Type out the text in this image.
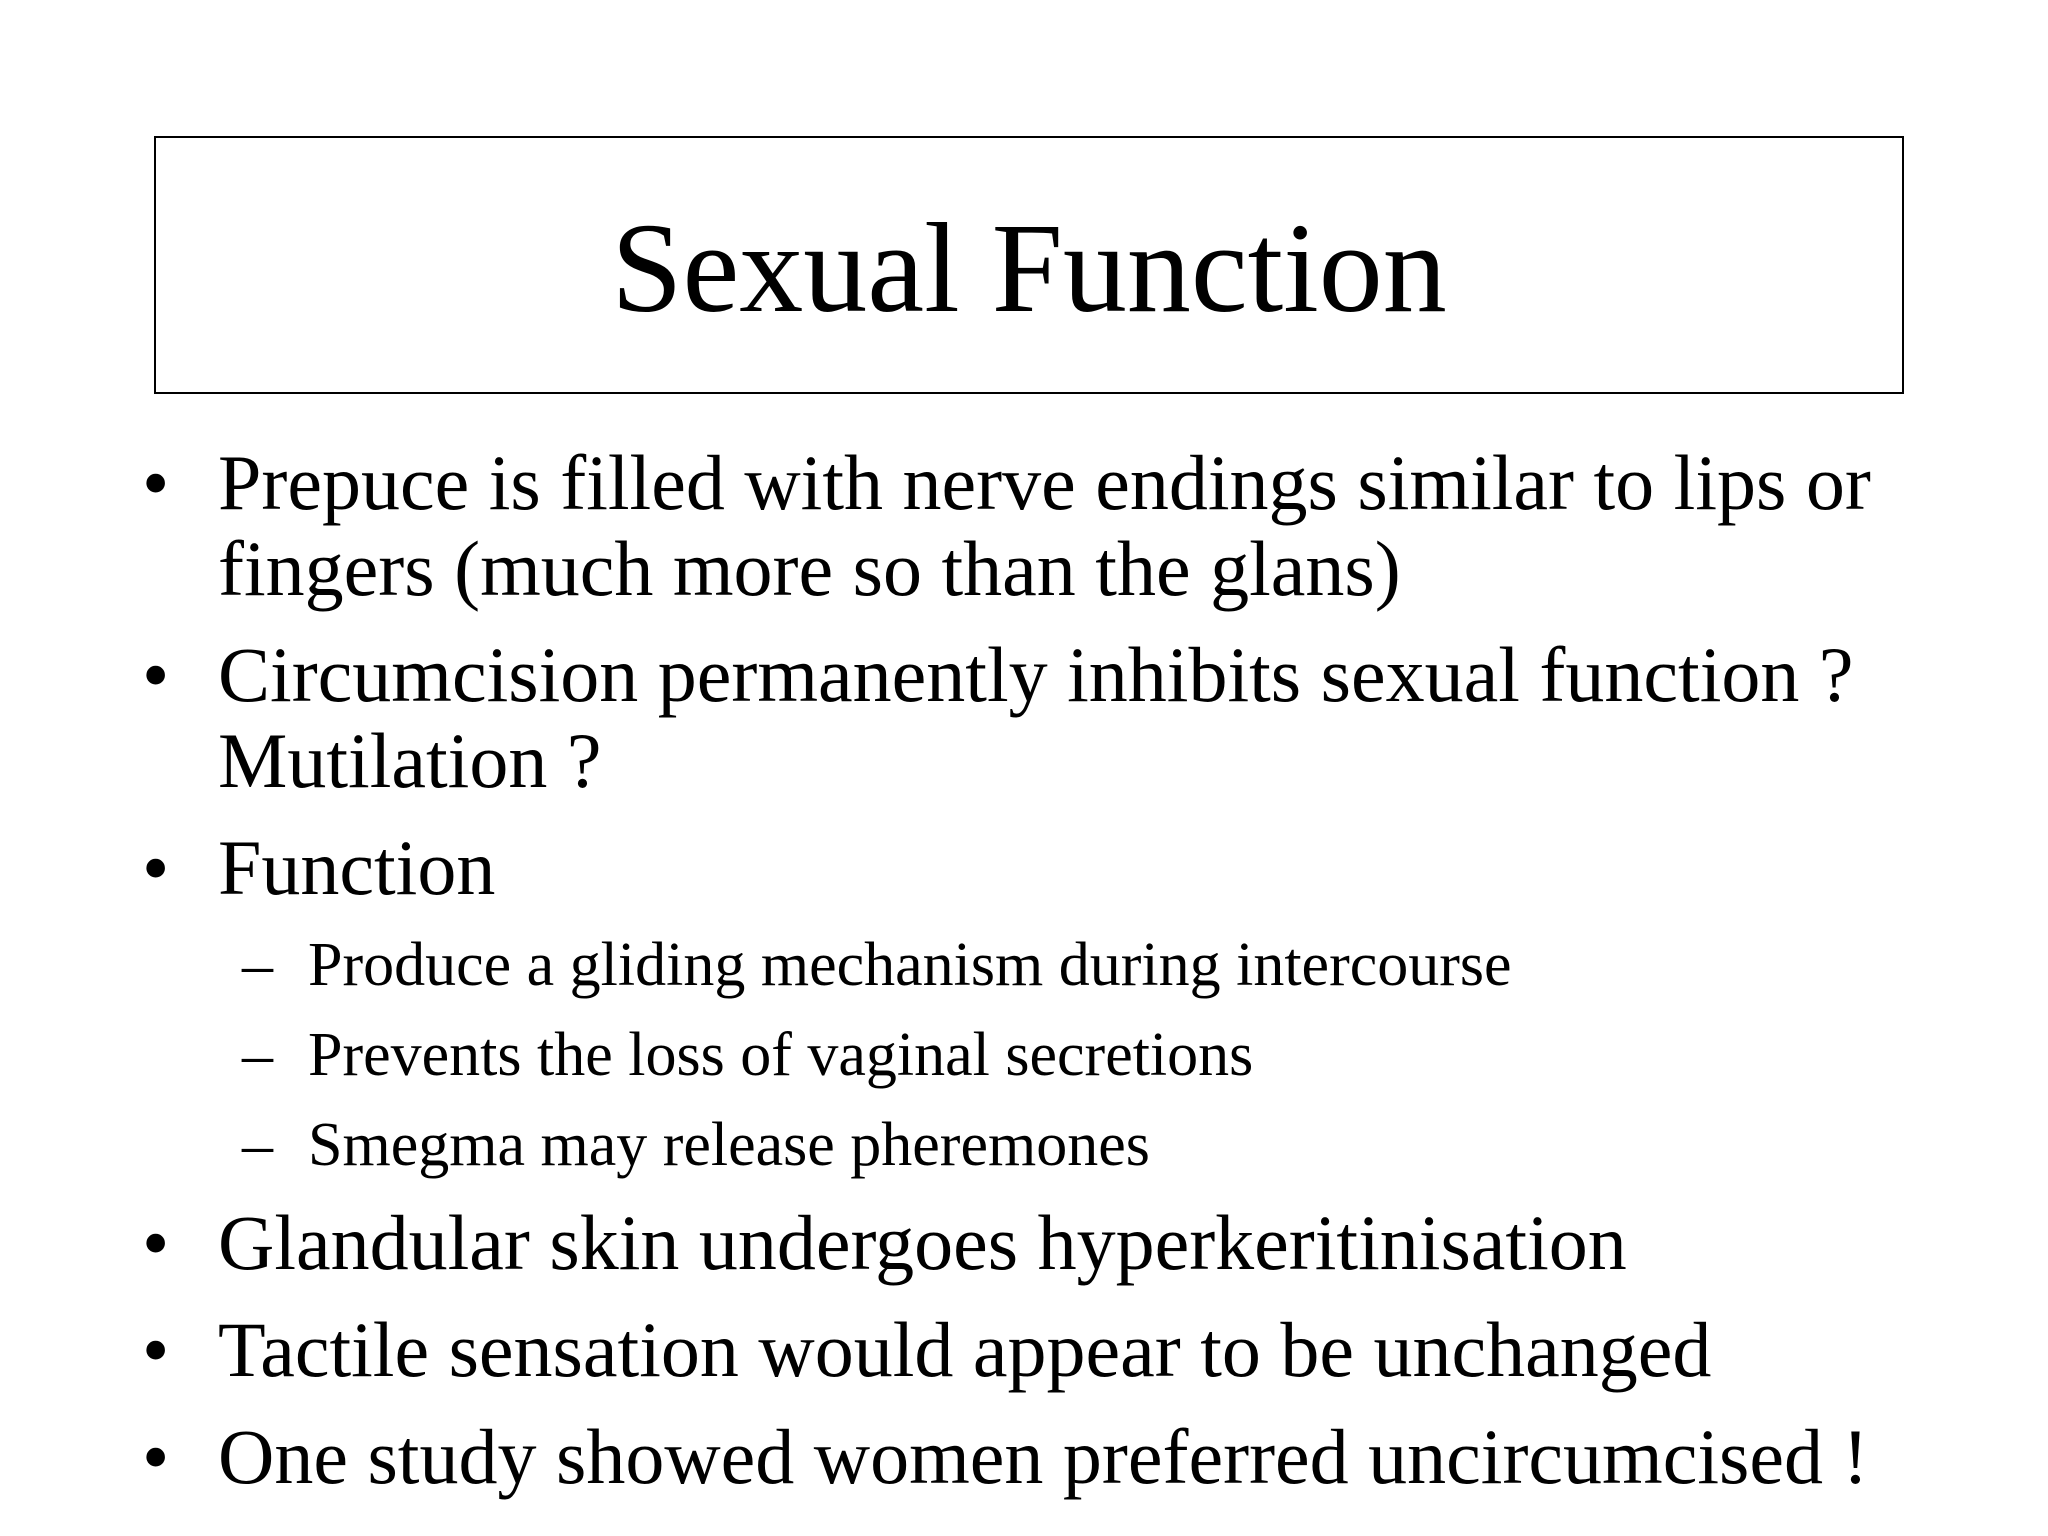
Sexual Function
• Prepuce is filled with nerve endings similar to lips or fingers (much more so than the glans)
• Circumcision permanently inhibits sexual function ? Mutilation ?
• Function
– Produce a gliding mechanism during intercourse
– Prevents the loss of vaginal secretions
– Smegma may release pheremones
• Glandular skin undergoes hyperkeritinisation
• Tactile sensation would appear to be unchanged
• One study showed women preferred uncircumcised !
